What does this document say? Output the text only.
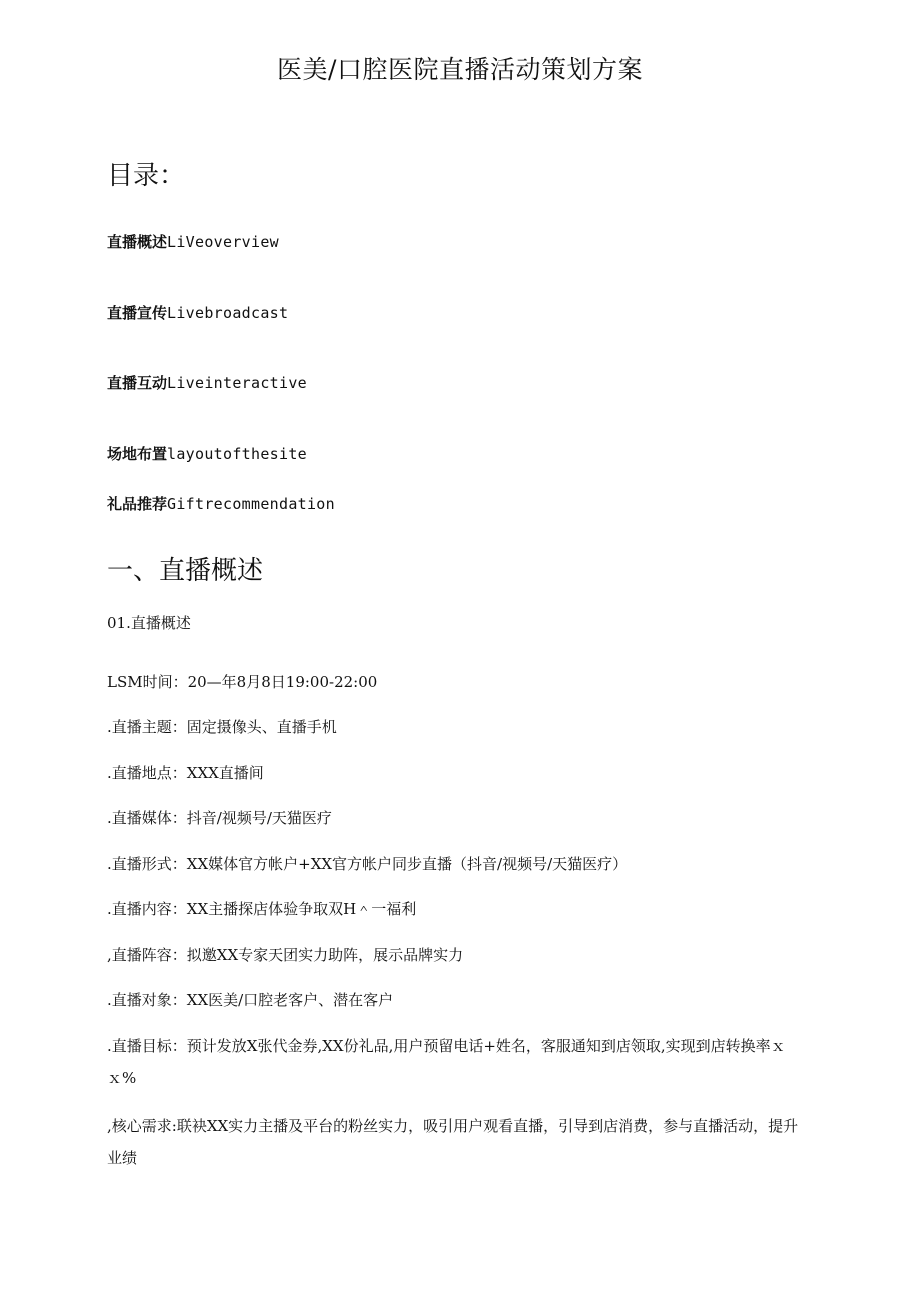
医美/口腔医院直播活动策划方案
目录：
直播概述LiVeoverview
直播宣传Livebroadcast
直播互动Liveinteractive
场地布置layoutofthesite
礼品推荐Giftrecommendation
一、直播概述
01.直播概述

LSM时间：20—年8月8日19:00-22:00

.直播主题：固定摄像头、直播手机

.直播地点：XXX直播间

.直播媒体：抖音/视频号/天猫医疗

.直播形式：XX媒体官方帐户+XX官方帐户同步直播（抖音/视频号/天猫医疗）

.直播内容：XX主播探店体验争取双H＾一福利

,直播阵容：拟邀XX专家天团实力助阵，展示品牌实力

.直播对象：XX医美/口腔老客户、潜在客户

.直播目标：预计发放X张代金券,XX份礼品,用户预留电话+姓名，客服通知到店领取,实现到店转换率ｘｘ%

,核心需求:联袂XX实力主播及平台的粉丝实力，吸引用户观看直播，引导到店消费，参与直播活动，提升业绩
